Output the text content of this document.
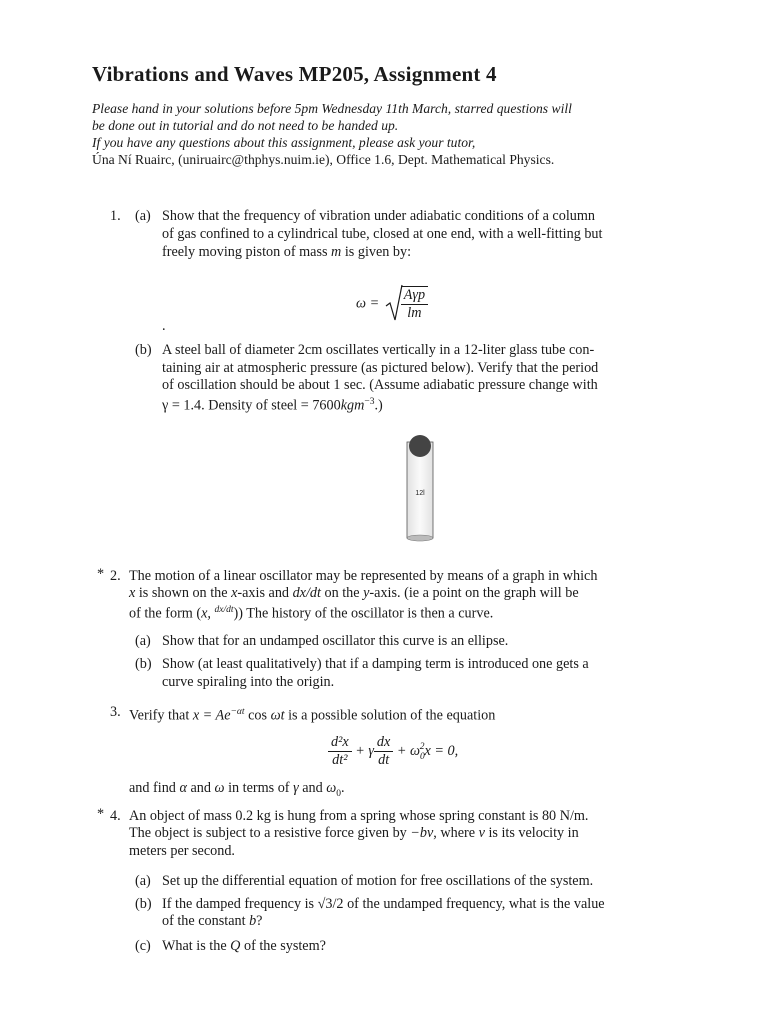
Vibrations and Waves MP205, Assignment 4
Please hand in your solutions before 5pm Wednesday 11th March, starred questions will
be done out in tutorial and do not need to be handed up.
If you have any questions about this assignment, please ask your tutor,
Úna Ní Ruairc, (uniruairc@thphys.nuim.ie), Office 1.6, Dept. Mathematical Physics.
1. (a) Show that the frequency of vibration under adiabatic conditions of a column
of gas confined to a cylindrical tube, closed at one end, with a well-fitting but
freely moving piston of mass m is given by:
$\omega = \frac{\text{Aγp}}{lm}$
.
(b) A steel ball of diameter 2cm oscillates vertically in a 12-liter glass tube con-
taining air at atmospheric pressure (as pictured below). Verify that the period
of oscillation should be about 1 sec. (Assume adiabatic pressure change with
γ = 1.4. Density of steel = 7600kgm$^{-3}$.)
12l
* 2. The motion of a linear oscillator may be represented by means of a graph in which
x is shown on the x-axis and dx/dt on the y-axis. (ie a point on the graph will be
of the form (x, $^{dx/dt}$)) The history of the oscillator is then a curve.
(a) Show that for an undamped oscillator this curve is an ellipse.
(b) Show (at least qualitatively) that if a damping term is introduced one gets a
curve spiraling into the origin.
3. Verify that $x = Ae^{-\alpha t}$ cos ωt is a possible solution of the equation
$\frac{\text{d²x}}{\text{dt²}} + \gamma \frac{dx}{dt} + \omega_0^2x = 0$,
and find α and ω in terms of γ and $\omega_0$.
* 4. An object of mass 0.2 kg is hung from a spring whose spring constant is 80 N/m.
The object is subject to a resistive force given by −bv, where v is its velocity in
meters per second.
(a) Set up the differential equation of motion for free oscillations of the system.
(b) If the damped frequency is √3/2 of the undamped frequency, what is the value
of the constant b?
(c) What is the Q of the system?
